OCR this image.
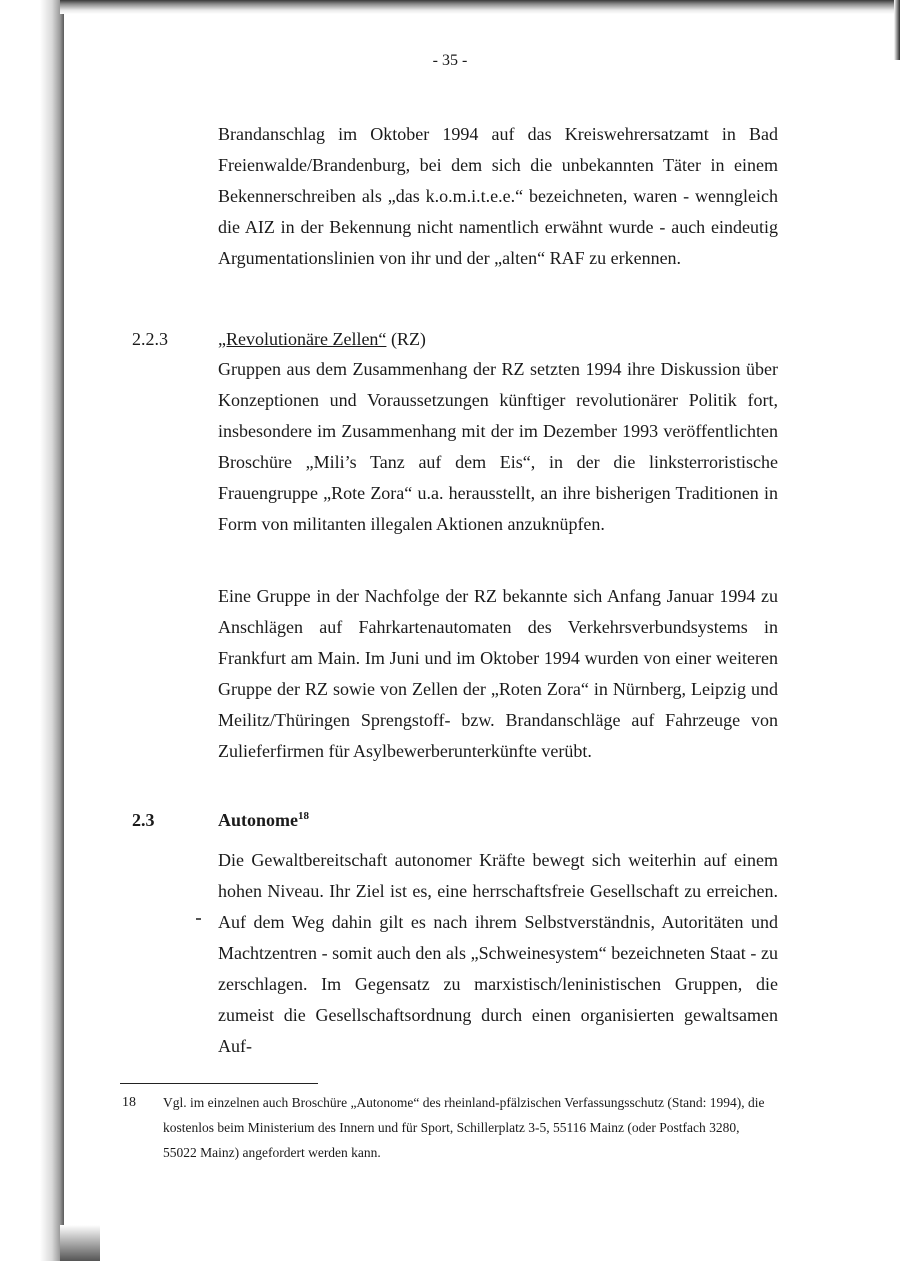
- 35 -

Brandanschlag im Oktober 1994 auf das Kreiswehrersatzamt in Bad Freienwalde/Brandenburg, bei dem sich die unbekannten Täter in einem Bekennerschreiben als „das k.o.m.i.t.e.e.“ bezeichneten, waren - wenngleich die AIZ in der Bekennung nicht namentlich erwähnt wurde - auch eindeutig Argumentationslinien von ihr und der „alten“ RAF zu erkennen.

2.2.3	„Revolutionäre Zellen“ (RZ)

Gruppen aus dem Zusammenhang der RZ setzten 1994 ihre Diskussion über Konzeptionen und Voraussetzungen künftiger revolutionärer Politik fort, insbesondere im Zusammenhang mit der im Dezember 1993 veröffentlichten Broschüre „Mili’s Tanz auf dem Eis“, in der die linksterroristische Frauengruppe „Rote Zora“ u.a. herausstellt, an ihre bisherigen Traditionen in Form von militanten illegalen Aktionen anzuknüpfen.

Eine Gruppe in der Nachfolge der RZ bekannte sich Anfang Januar 1994 zu Anschlägen auf Fahrkartenautomaten des Verkehrsverbundsystems in Frankfurt am Main. Im Juni und im Oktober 1994 wurden von einer weiteren Gruppe der RZ sowie von Zellen der „Roten Zora“ in Nürnberg, Leipzig und Meilitz/Thüringen Sprengstoff- bzw. Brandanschläge auf Fahrzeuge von Zulieferfirmen für Asylbewerberunterkünfte verübt.

2.3	Autonome$^{18}$

Die Gewaltbereitschaft autonomer Kräfte bewegt sich weiterhin auf einem hohen Niveau. Ihr Ziel ist es, eine herrschaftsfreie Gesellschaft zu erreichen. Auf dem Weg dahin gilt es nach ihrem Selbstverständnis, Autoritäten und Machtzentren - somit auch den als „Schweinesystem“ bezeichneten Staat - zu zerschlagen. Im Gegensatz zu marxistisch/leninistischen Gruppen, die zumeist die Gesellschaftsordnung durch einen organisierten gewaltsamen Auf-

18 Vgl. im einzelnen auch Broschüre „Autonome“ des rheinland-pfälzischen Verfassungsschutz (Stand: 1994), die kostenlos beim Ministerium des Innern und für Sport, Schillerplatz 3-5, 55116 Mainz (oder Postfach 3280, 55022 Mainz) angefordert werden kann.
